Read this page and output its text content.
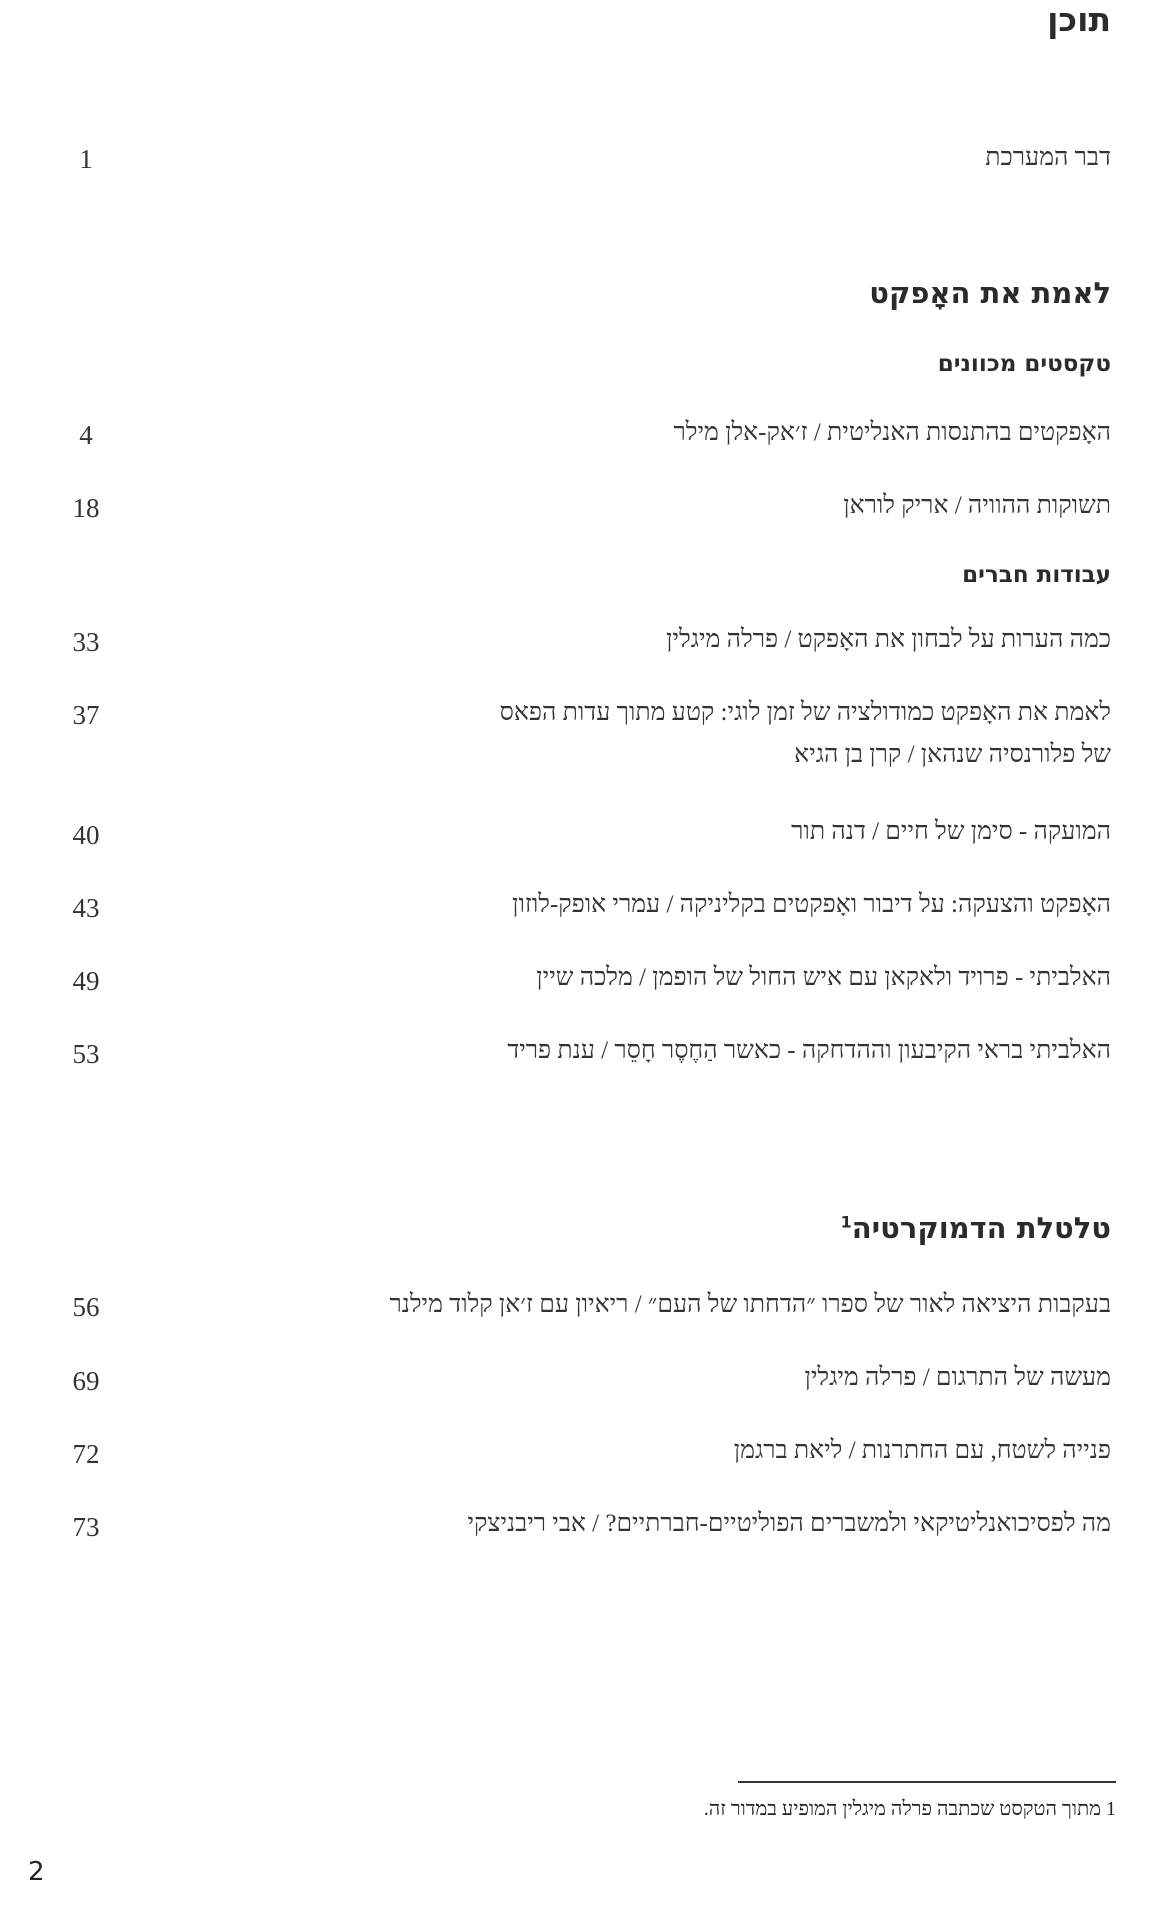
תוכן
דבר המערכת
1
לאמת את האָפקט
טקסטים מכוונים
האָפקטים בהתנסות האנליטית / ז׳אק-אלן מילר
4
תשוקות ההוויה / אריק לוראן
18
עבודות חברים
כמה הערות על לבחון את האָפקט / פרלה מיגלין
33
לאמת את האָפקט כמודולציה של זמן לוגי: קטע מתוך עדות הפאס
של פלורנסיה שנהאן / קרן בן הגיא
37
המועקה - סימן של חיים / דנה תור
40
האָפקט והצעקה: על דיבור ואָפקטים בקליניקה / עמרי אופק-לוזון
43
האלביתי - פרויד ולאקאן עם איש החול של הופמן / מלכה שיין
49
האלביתי בראי הקיבעון וההדחקה - כאשר הַחֶסֶר חָסֵר / ענת פריד
53
טלטלת הדמוקרטיה$^1$
בעקבות היציאה לאור של ספרו ״הדחתו של העם״ / ריאיון עם ז׳אן קלוד מילנר
56
מעשה של התרגום / פרלה מיגלין
69
פנייה לשטח, עם החתרנות / ליאת ברגמן
72
מה לפסיכואנליטיקאי ולמשברים הפוליטיים-חברתיים? / אבי ריבניצקי
73
1 מתוך הטקסט שכתבה פרלה מיגלין המופיע במדור זה.
2
